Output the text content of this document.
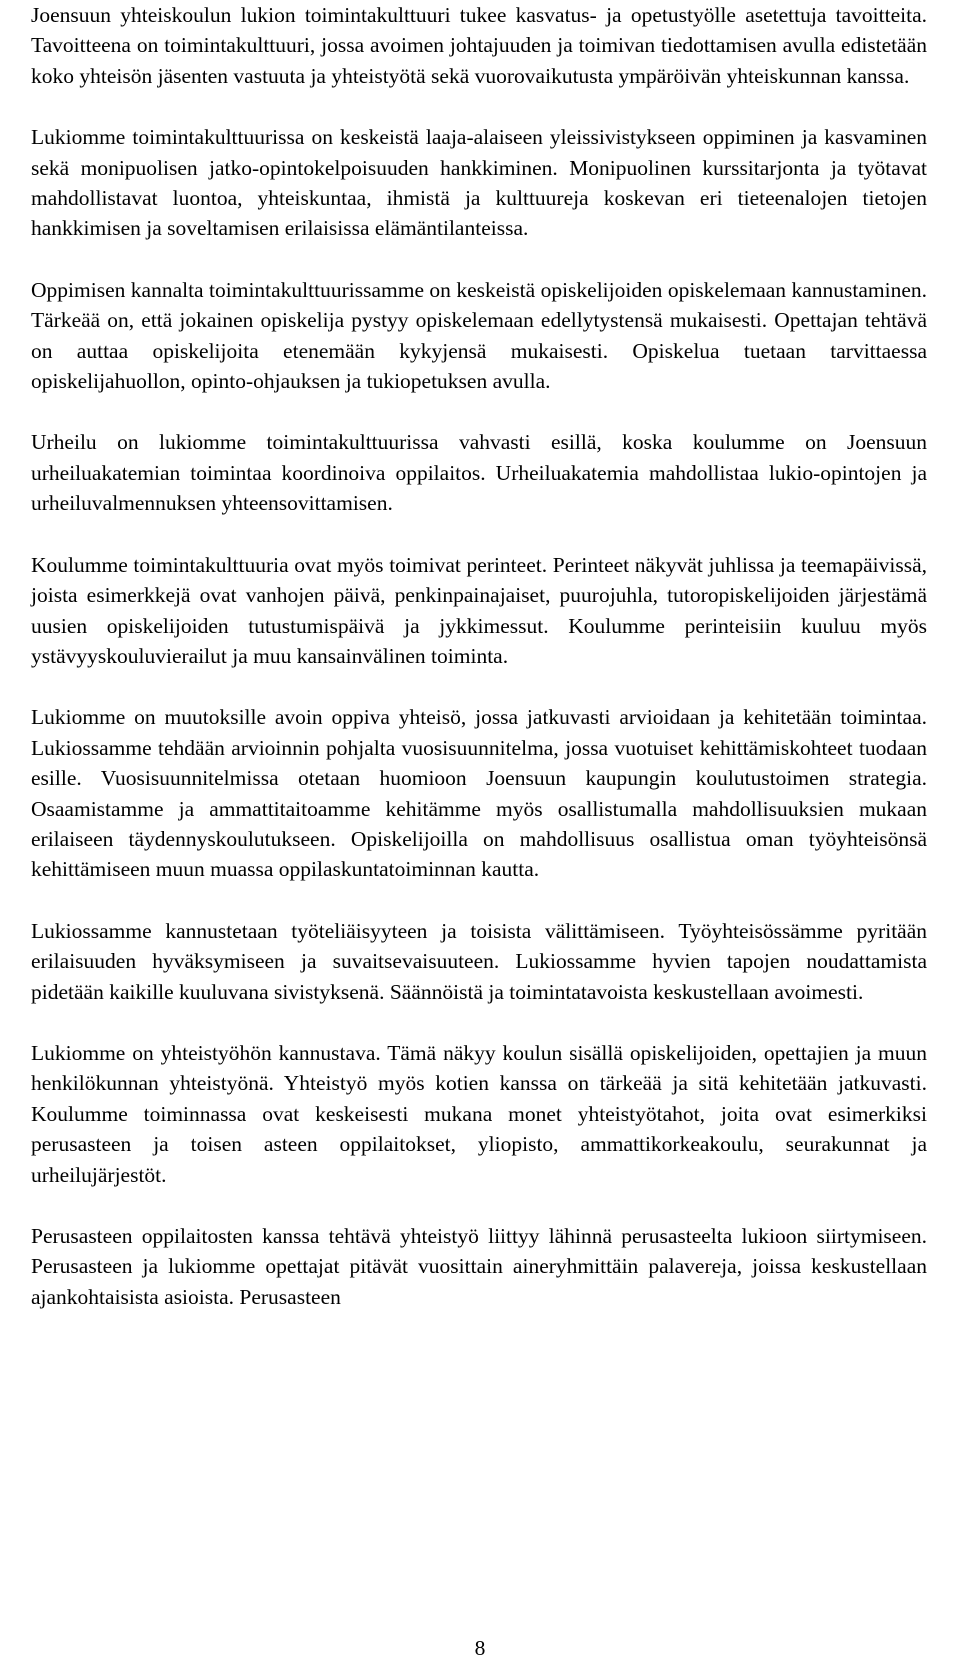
Joensuun yhteiskoulun lukion toimintakulttuuri tukee kasvatus- ja opetustyölle asetettuja tavoitteita. Tavoitteena on toimintakulttuuri, jossa avoimen johtajuuden ja toimivan tiedottamisen avulla edistetään koko yhteisön jäsenten vastuuta ja yhteistyötä sekä vuorovaikutusta ympäröivän yhteiskunnan kanssa.

Lukiomme toimintakulttuurissa on keskeistä laaja-alaiseen yleissivistykseen oppiminen ja kasvaminen sekä monipuolisen jatko-opintokelpoisuuden hankkiminen. Monipuolinen kurssitarjonta ja työtavat mahdollistavat luontoa, yhteiskuntaa, ihmistä ja kulttuureja koskevan eri tieteenalojen tietojen hankkimisen ja soveltamisen erilaisissa elämäntilanteissa.

Oppimisen kannalta toimintakulttuurissamme on keskeistä opiskelijoiden opiskelemaan kannustaminen. Tärkeää on, että jokainen opiskelija pystyy opiskelemaan edellytystensä mukaisesti. Opettajan tehtävä on auttaa opiskelijoita etenemään kykyjensä mukaisesti. Opiskelua tuetaan tarvittaessa opiskelijahuollon, opinto-ohjauksen ja tukiopetuksen avulla.

Urheilu on lukiomme toimintakulttuurissa vahvasti esillä, koska koulumme on Joensuun urheiluakatemian toimintaa koordinoiva oppilaitos. Urheiluakatemia mahdollistaa lukio-opintojen ja urheiluvalmennuksen yhteensovittamisen.

Koulumme toimintakulttuuria ovat myös toimivat perinteet. Perinteet näkyvät juhlissa ja teemapäivissä, joista esimerkkejä ovat vanhojen päivä, penkinpainajaiset, puurojuhla, tutoropiskelijoiden järjestämä uusien opiskelijoiden tutustumispäivä ja jykkimessut. Koulumme perinteisiin kuuluu myös ystävyyskouluvierailut ja muu kansainvälinen toiminta.

Lukiomme on muutoksille avoin oppiva yhteisö, jossa jatkuvasti arvioidaan ja kehitetään toimintaa. Lukiossamme tehdään arvioinnin pohjalta vuosisuunnitelma, jossa vuotuiset kehittämiskohteet tuodaan esille. Vuosisuunnitelmissa otetaan huomioon Joensuun kaupungin koulutustoimen strategia. Osaamistamme ja ammattitaitoamme kehitämme myös osallistumalla mahdollisuuksien mukaan erilaiseen täydennyskoulutukseen. Opiskelijoilla on mahdollisuus osallistua oman työyhteisönsä kehittämiseen muun muassa oppilaskuntatoiminnan kautta.

Lukiossamme kannustetaan työteliäisyyteen ja toisista välittämiseen. Työyhteisössämme pyritään erilaisuuden hyväksymiseen ja suvaitsevaisuuteen. Lukiossamme hyvien tapojen noudattamista pidetään kaikille kuuluvana sivistyksenä. Säännöistä ja toimintatavoista keskustellaan avoimesti.

Lukiomme on yhteistyöhön kannustava. Tämä näkyy koulun sisällä opiskelijoiden, opettajien ja muun henkilökunnan yhteistyönä. Yhteistyö myös kotien kanssa on tärkeää ja sitä kehitetään jatkuvasti. Koulumme toiminnassa ovat keskeisesti mukana monet yhteistyötahot, joita ovat esimerkiksi perusasteen ja toisen asteen oppilaitokset, yliopisto, ammattikorkeakoulu, seurakunnat ja urheilujärjestöt.

Perusasteen oppilaitosten kanssa tehtävä yhteistyö liittyy lähinnä perusasteelta lukioon siirtymiseen. Perusasteen ja lukiomme opettajat pitävät vuosittain aineryhmittäin palavereja, joissa keskustellaan ajankohtaisista asioista. Perusasteen

8
